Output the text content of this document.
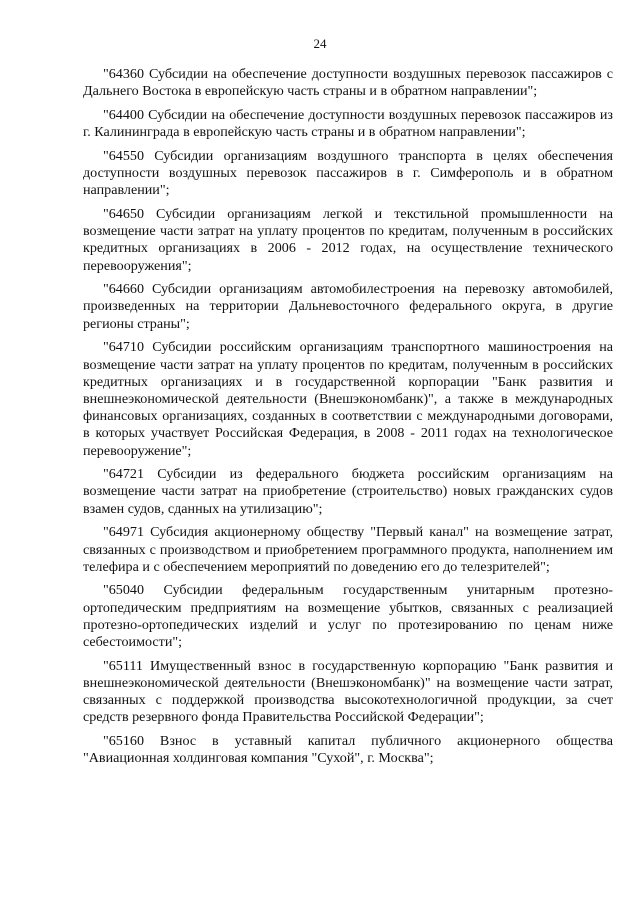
24

"64360 Субсидии на обеспечение доступности воздушных перевозок пассажиров с Дальнего Востока в европейскую часть страны и в обратном направлении";

"64400 Субсидии на обеспечение доступности воздушных перевозок пассажиров из г. Калининграда в европейскую часть страны и в обратном направлении";

"64550 Субсидии организациям воздушного транспорта в целях обеспечения доступности воздушных перевозок пассажиров в г. Симферополь и в обратном направлении";

"64650 Субсидии организациям легкой и текстильной промышленности на возмещение части затрат на уплату процентов по кредитам, полученным в российских кредитных организациях в 2006 - 2012 годах, на осуществление технического перевооружения";

"64660 Субсидии организациям автомобилестроения на перевозку автомобилей, произведенных на территории Дальневосточного федерального округа, в другие регионы страны";

"64710 Субсидии российским организациям транспортного машиностроения на возмещение части затрат на уплату процентов по кредитам, полученным в российских кредитных организациях и в государственной корпорации "Банк развития и внешнеэкономической деятельности (Внешэкономбанк)", а также в международных финансовых организациях, созданных в соответствии с международными договорами, в которых участвует Российская Федерация, в 2008 - 2011 годах на технологическое перевооружение";

"64721 Субсидии из федерального бюджета российским организациям на возмещение части затрат на приобретение (строительство) новых гражданских судов взамен судов, сданных на утилизацию";

"64971 Субсидия акционерному обществу "Первый канал" на возмещение затрат, связанных с производством и приобретением программного продукта, наполнением им телефира и с обеспечением мероприятий по доведению его до телезрителей";

"65040 Субсидии федеральным государственным унитарным протезно-ортопедическим предприятиям на возмещение убытков, связанных с реализацией протезно-ортопедических изделий и услуг по протезированию по ценам ниже себестоимости";

"65111 Имущественный взнос в государственную корпорацию "Банк развития и внешнеэкономической деятельности (Внешэкономбанк)" на возмещение части затрат, связанных с поддержкой производства высокотехнологичной продукции, за счет средств резервного фонда Правительства Российской Федерации";

"65160 Взнос в уставный капитал публичного акционерного общества "Авиационная холдинговая компания "Сухой", г. Москва";
